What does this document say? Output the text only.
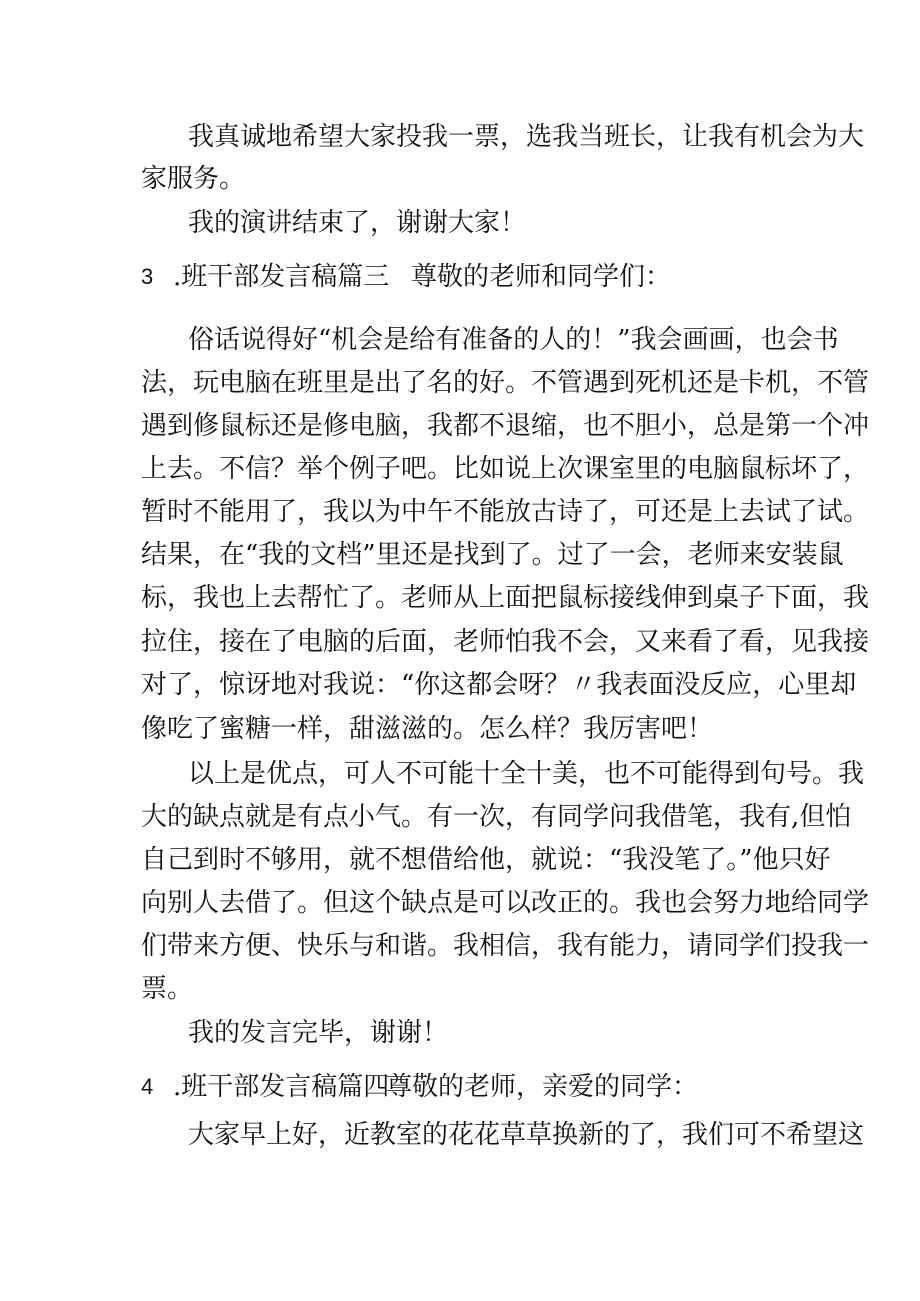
我真诚地希望大家投我一票，选我当班长，让我有机会为大
家服务。
我的演讲结束了，谢谢大家！
3 .班干部发言稿篇三 尊敬的老师和同学们：
俗话说得好“机会是给有准备的人的！”我会画画，也会书
法，玩电脑在班里是出了名的好。不管遇到死机还是卡机，不管
遇到修鼠标还是修电脑，我都不退缩，也不胆小，总是第一个冲
上去。不信？举个例子吧。比如说上次课室里的电脑鼠标坏了，
暂时不能用了，我以为中午不能放古诗了，可还是上去试了试。
结果，在“我的文档”里还是找到了。过了一会，老师来安装鼠
标，我也上去帮忙了。老师从上面把鼠标接线伸到桌子下面，我
拉住，接在了电脑的后面，老师怕我不会，又来看了看，见我接
对了，惊讶地对我说：“你这都会呀？〃我表面没反应，心里却
像吃了蜜糖一样，甜滋滋的。怎么样？我厉害吧！
以上是优点，可人不可能十全十美，也不可能得到句号。我
大的缺点就是有点小气。有一次，有同学问我借笔，我有,但怕
自己到时不够用，就不想借给他，就说：“我没笔了。”他只好
向别人去借了。但这个缺点是可以改正的。我也会努力地给同学
们带来方便、快乐与和谐。我相信，我有能力，请同学们投我一
票。
我的发言完毕，谢谢！
4 .班干部发言稿篇四
尊敬的老师，亲爱的同学：
大家早上好，近教室的花花草草换新的了，我们可不希望这
